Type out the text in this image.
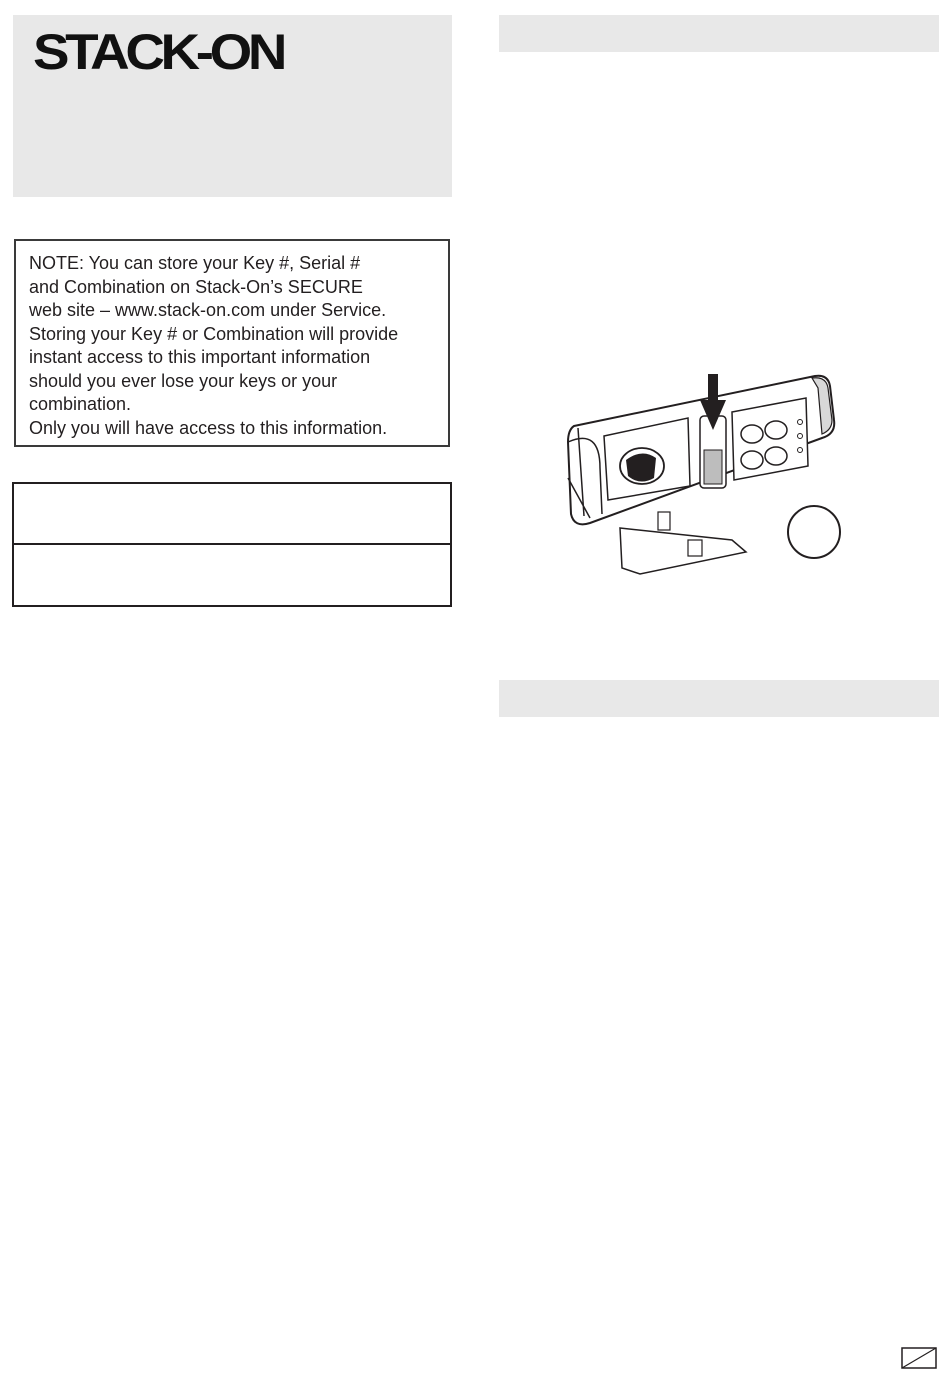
STACK-ON

NOTE: You can store your Key #, Serial #
and Combination on Stack-On’s SECURE
web site – www.stack-on.com under Service.
Storing your Key # or Combination will provide
instant access to this important information
should you ever lose your keys or your
combination.
Only you will have access to this information.
